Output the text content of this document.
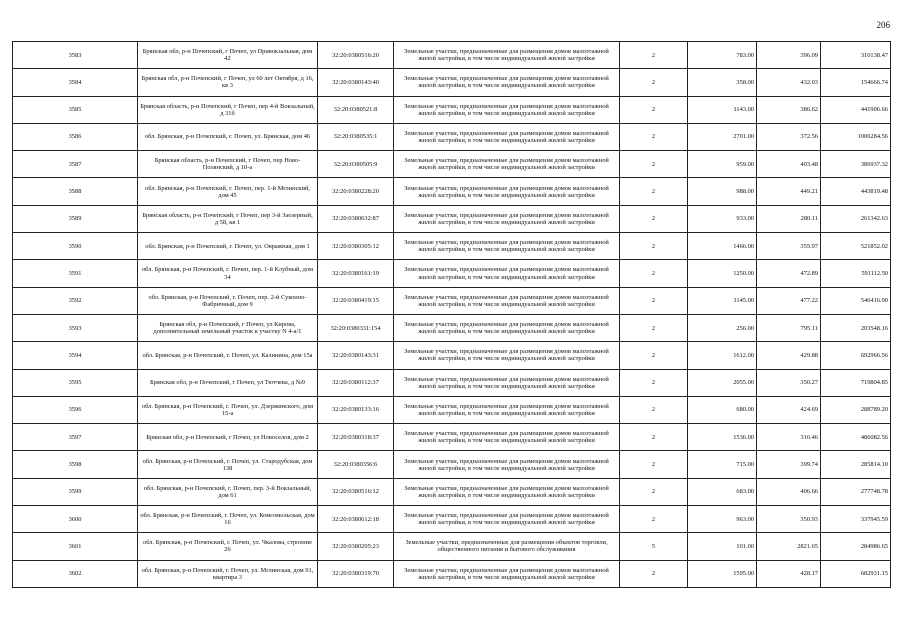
206
3583	Брянская обл, р-н Почепский, г Почеп, ул Привокзальная, дом 42	32:20:0380516:20	Земельные участки, предназначенные для размещения домов малоэтажной жилой застройки, в том числе индивидуальной жилой застройки	2	783.00	396.09	310138.47
3584	Брянская обл, р-н Почепский, г Почеп, ул 60 лет Октября, д 16, кв 3	32:20:0380143:40	Земельные участки, предназначенные для размещения домов малоэтажной жилой застройки, в том числе индивидуальной жилой застройки	2	358.00	432.03	154666.74
3585	Брянская область, р-н Почепский, г Почеп, пер 4-й Вокзальный, д 31б	32:20:0380521:8	Земельные участки, предназначенные для размещения домов малоэтажной жилой застройки, в том числе индивидуальной жилой застройки	2	1143.00	386.62	441906.66
3586	обл. Брянская, р-н Почепский, г. Почеп, ул. Брянская, дом 46	32:20:0380535:1	Земельные участки, предназначенные для размещения домов малоэтажной жилой застройки, в том числе индивидуальной жилой застройки	2	2701.00	372.56	1006284.56
3587	Брянская область, р-н Почепский, г Почеп, пер Ново-Полянский, д 10-а	32:20:0380505:9	Земельные участки, предназначенные для размещения домов малоэтажной жилой застройки, в том числе индивидуальной жилой застройки	2	959.00	403.48	386937.32
3588	обл. Брянская, р-н Почепский, г. Почеп, пер. 1-й Мглинский, дом 45	32:20:0380228:20	Земельные участки, предназначенные для размещения домов малоэтажной жилой застройки, в том числе индивидуальной жилой застройки	2	988.00	449.21	443819.48
3589	Брянская область, р-н Почепский, г Почеп, пер 3-й Заозерный, д 58, кв 1	32:20:0380632:87	Земельные участки, предназначенные для размещения домов малоэтажной жилой застройки, в том числе индивидуальной жилой застройки	2	933.00	280.11	261342.63
3590	обл. Брянская, р-н Почепский, г. Почеп, ул. Овражная, дом 1	32:20:0380305:12	Земельные участки, предназначенные для размещения домов малоэтажной жилой застройки, в том числе индивидуальной жилой застройки	2	1466.00	355.97	521852.02
3591	обл. Брянская, р-н Почепский, г. Почеп, пер. 1-й Клубный, дом 34	32:20:0380161:19	Земельные участки, предназначенные для размещения домов малоэтажной жилой застройки, в том числе индивидуальной жилой застройки	2	1250.00	472.89	591112.50
3592	обл. Брянская, р-н Почепский, г. Почеп, пер. 2-й Суконно-Фабричный, дом 9	32:20:0380419:15	Земельные участки, предназначенные для размещения домов малоэтажной жилой застройки, в том числе индивидуальной жилой застройки	2	1145.00	477.22	546416.90
3593	Брянская обл, р-н Почепский, г Почеп, ул Кирова, дополнительный земельный участок к участку N 4-а/1	32:20:0380331:154	Земельные участки, предназначенные для размещения домов малоэтажной жилой застройки, в том числе индивидуальной жилой застройки	2	256.00	795.11	203548.16
3594	обл. Брянская, р-н Почепский, г. Почеп, ул. Калинина, дом 15а	32:20:0380143:31	Земельные участки, предназначенные для размещения домов малоэтажной жилой застройки, в том числе индивидуальной жилой застройки	2	1612.00	429.88	692966.56
3595	Брянская обл, р-н Почепский, г Почеп, ул Тютчева, д №9	32:20:0380112:37	Земельные участки, предназначенные для размещения домов малоэтажной жилой застройки, в том числе индивидуальной жилой застройки	2	2055.00	350.27	719804.85
3596	обл. Брянская, р-н Почепский, г. Почеп, ул. Дзержинского, дом 15-а	32:20:0380133:16	Земельные участки, предназначенные для размещения домов малоэтажной жилой застройки, в том числе индивидуальной жилой застройки	2	680.00	424.69	288789.20
3597	Брянская обл, р-н Почепский, г Почеп, ул Новоселов, дом 2	32:20:0380318:37	Земельные участки, предназначенные для размещения домов малоэтажной жилой застройки, в том числе индивидуальной жилой застройки	2	1536.00	316.46	486082.56
3598	обл. Брянская, р-н Почепский, г. Почеп, ул. Стародубская, дом 138	32:20:0380356:6	Земельные участки, предназначенные для размещения домов малоэтажной жилой застройки, в том числе индивидуальной жилой застройки	2	715.00	399.74	285814.10
3599	обл. Брянская, р-н Почепский, г. Почеп, пер. 3-й Вокзальный, дом 61	32:20:0380516:12	Земельные участки, предназначенные для размещения домов малоэтажной жилой застройки, в том числе индивидуальной жилой застройки	2	683.00	406.66	277748.78
3600	обл. Брянская, р-н Почепский, г. Почеп, ул. Комсомольская, дом 16	32:20:0380612:18	Земельные участки, предназначенные для размещения домов малоэтажной жилой застройки, в том числе индивидуальной жилой застройки	2	963.00	350.93	337945.59
3601	обл. Брянская, р-н Почепский, г. Почеп, ул. Чкалова, строение 26	32:20:0380205:23	Земельные участки, предназначенные для размещения объектов торговли, общественного питания и бытового обслуживания	5	101.00	2821.65	284986.65
3602	обл. Брянская, р-н Почепский, г. Почеп, ул. Мглинская, дом 91, квартира 3	32:20:0380319:70	Земельные участки, предназначенные для размещения домов малоэтажной жилой застройки, в том числе индивидуальной жилой застройки	2	1595.00	428.17	682931.15
